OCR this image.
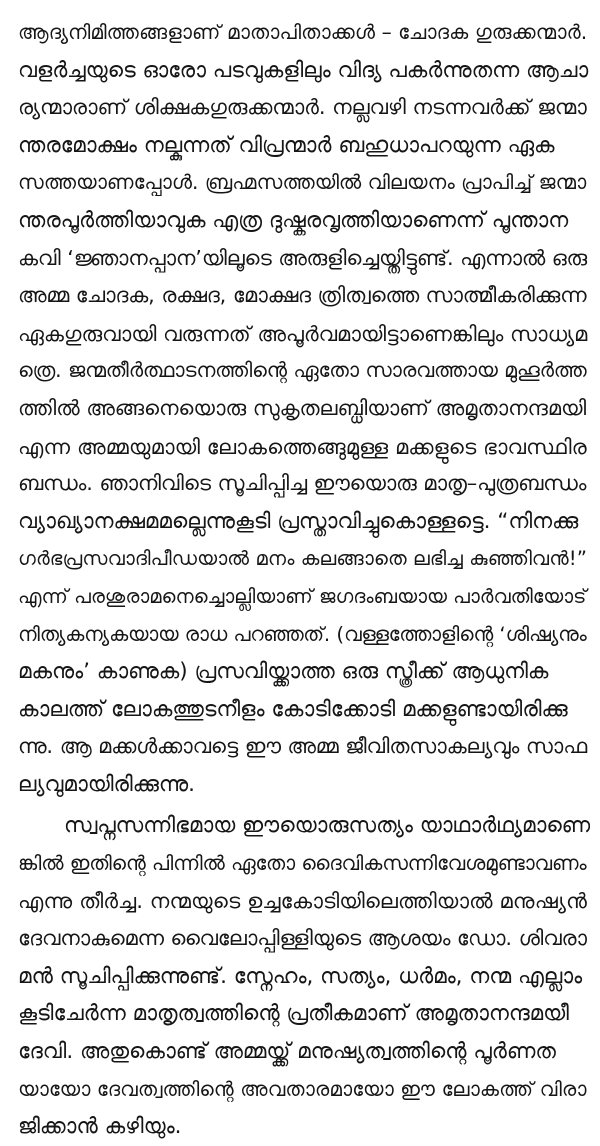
ആദ്യനിമിത്തങ്ങളാണ് മാതാപിതാക്കൾ – ചോദക ഗുരുക്കന്മാർ.
വളർച്ചയുടെ ഓരോ പടവുകളിലും വിദ്യ പകർന്നുതന്ന ആചാ
ര്യന്മാരാണ് ശിക്ഷകഗുരുക്കന്മാർ. നല്ലവഴി നടന്നവർക്ക് ജന്മാ
ന്തരമോക്ഷം നല്കുന്നത് വിപ്രന്മാർ ബഹുധാപറയുന്ന ഏക
സത്തയാണപ്പോൾ. ബ്രഹ്മസത്തയിൽ വിലയനം പ്രാപിച്ച് ജന്മാ
ന്തരപൂർത്തിയാവുക എത്ര ദുഷ്കരവൃത്തിയാണെന്ന് പൂന്താന
കവി ‘ജ്ഞാനപ്പാന’യിലൂടെ അരുളിച്ചെയ്തിട്ടുണ്ട്. എന്നാൽ ഒരു
അമ്മ ചോദക, രക്ഷദ, മോക്ഷദ ത്രിത്വത്തെ സാത്മീകരിക്കുന്ന
ഏകഗുരുവായി വരുന്നത് അപൂർവമായിട്ടാണെങ്കിലും സാധ്യമ
ത്രെ. ജന്മതീർത്ഥാടനത്തിന്റെ ഏതോ സാരവത്തായ മുഹൂർത്ത
ത്തിൽ അങ്ങനെയൊരു സുകൃതലബ്ധിയാണ് അമൃതാനന്ദമയി
എന്ന അമ്മയുമായി ലോകത്തെങ്ങുമുള്ള മക്കളുടെ ഭാവസ്ഥിര
ബന്ധം. ഞാനിവിടെ സൂചിപ്പിച്ച ഈയൊരു മാതൃ–പുത്രബന്ധം
വ്യാഖ്യാനക്ഷമമല്ലെന്നുകൂടി പ്രസ്താവിച്ചുകൊള്ളട്ടെ. “നിനക്കു
ഗർഭപ്രസവാദിപീഡയാൽ മനം കലങ്ങാതെ ലഭിച്ച കുഞ്ഞിവൻ!”
എന്ന് പരശുരാമനെച്ചൊല്ലിയാണ് ജഗദംബയായ പാർവതിയോട്
നിത്യകന്യകയായ രാധ പറഞ്ഞത്. (വള്ളത്തോളിന്റെ ‘ശിഷ്യനും
മകനും’ കാണുക) പ്രസവിയ്ക്കാത്ത ഒരു സ്ത്രീക്ക് ആധുനിക
കാലത്ത് ലോകത്തുടനീളം കോടിക്കോടി മക്കളുണ്ടായിരിക്കു
ന്നു. ആ മക്കൾക്കാവട്ടെ ഈ അമ്മ ജീവിതസാകല്യവും സാഫ
ല്യവുമായിരിക്കുന്നു.
സ്വപ്നസന്നിഭമായ ഈയൊരുസത്യം യാഥാർഥ്യമാണെ
ങ്കിൽ ഇതിന്റെ പിന്നിൽ ഏതോ ദൈവികസന്നിവേശമുണ്ടാവണം
എന്നു തീർച്ച. നന്മയുടെ ഉച്ചകോടിയിലെത്തിയാൽ മനുഷ്യൻ
ദേവനാകുമെന്ന വൈലോപ്പിള്ളിയുടെ ആശയം ഡോ. ശിവരാ
മൻ സൂചിപ്പിക്കുന്നുണ്ട്. സ്നേഹം, സത്യം, ധർമം, നന്മ എല്ലാം
കൂടിചേർന്ന മാതൃത്വത്തിന്റെ പ്രതീകമാണ് അമൃതാനന്ദമയീ
ദേവി. അതുകൊണ്ട് അമ്മയ്ക്ക് മനുഷ്യത്വത്തിന്റെ പൂർണത
യായോ ദേവത്വത്തിന്റെ അവതാരമായോ ഈ ലോകത്ത് വിരാ
ജിക്കാൻ കഴിയും.
